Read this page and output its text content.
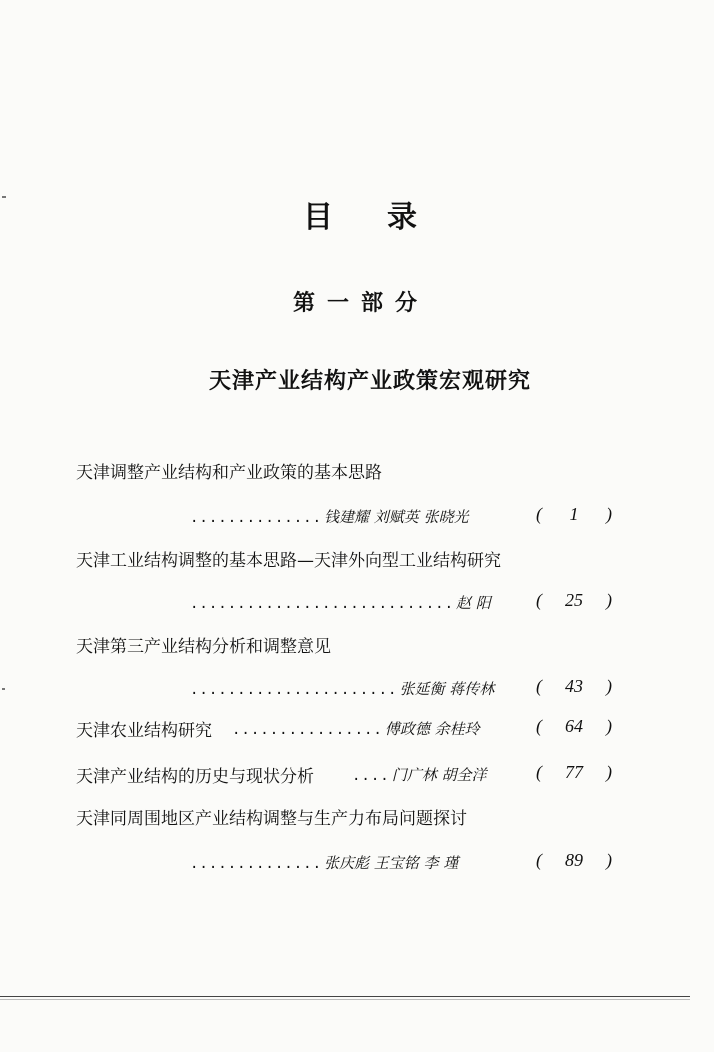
目 录
第一部分
天津产业结构产业政策宏观研究
天津调整产业结构和产业政策的基本思路
.............. 钱建耀 刘赋英 张晓光	(	1	)
天津工业结构调整的基本思路—天津外向型工业结构研究
............................ 赵 阳	(	25	)
天津第三产业结构分析和调整意见
...................... 张延衡 蒋传林 (	43	)
天津农业结构研究 ................ 傅政德 余桂玲	(	64	)
天津产业结构的历史与现状分析	.... 门广林 胡全洋	(	77	)
天津同周围地区产业结构调整与生产力布局问题探讨
.............. 张庆彪 王宝铭 李 瑾	(	89	)
